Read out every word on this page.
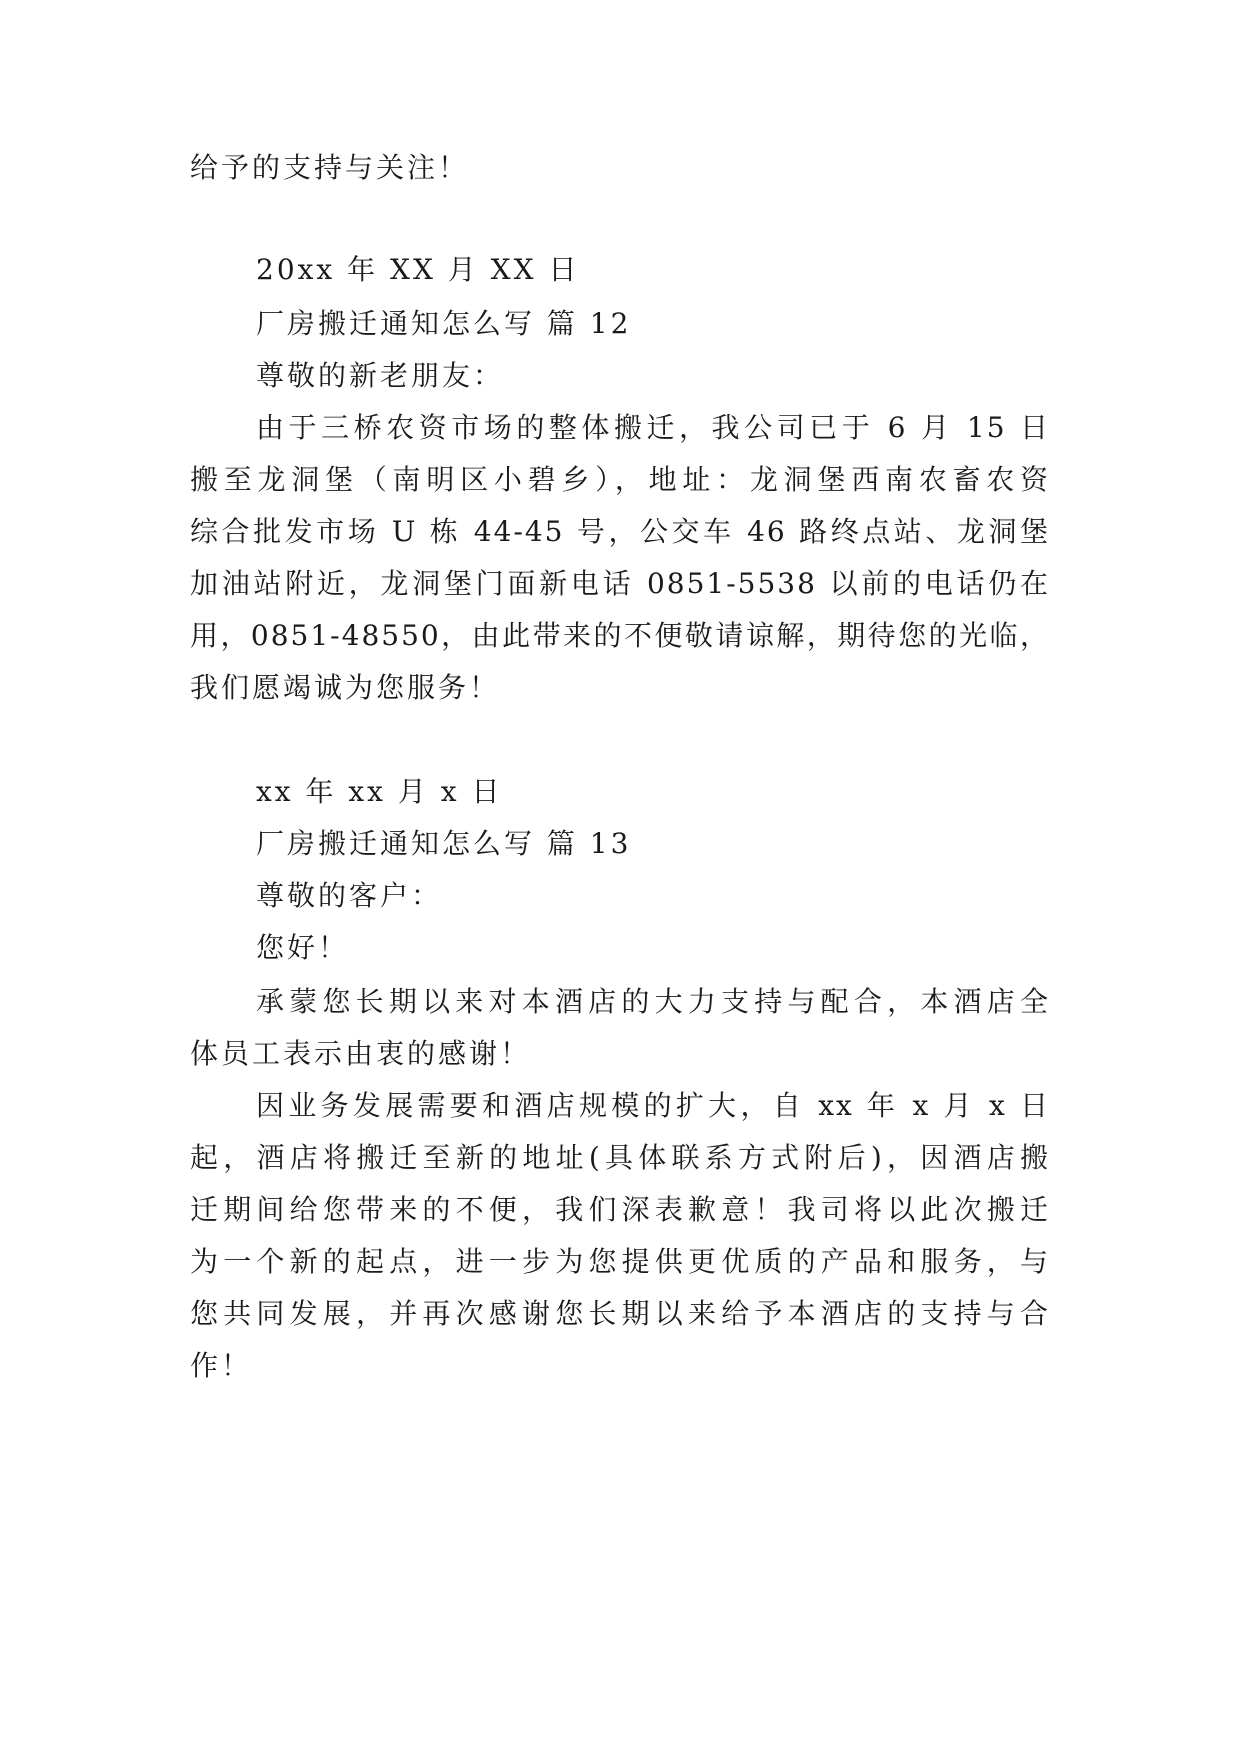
给予的支持与关注！
20xx 年 XX 月 XX 日
厂房搬迁通知怎么写 篇 12
尊敬的新老朋友：
由于三桥农资市场的整体搬迁，我公司已于 6 月 15 日
搬至龙洞堡（南明区小碧乡），地址：龙洞堡西南农畜农资
综合批发市场 U 栋 44-45 号，公交车 46 路终点站、龙洞堡
加油站附近，龙洞堡门面新电话 0851-5538 以前的电话仍在
用，0851-48550，由此带来的不便敬请谅解，期待您的光临，
我们愿竭诚为您服务！
xx 年 xx 月 x 日
厂房搬迁通知怎么写 篇 13
尊敬的客户：
您好！
承蒙您长期以来对本酒店的大力支持与配合，本酒店全
体员工表示由衷的感谢！
因业务发展需要和酒店规模的扩大，自 xx 年 x 月 x 日
起，酒店将搬迁至新的地址(具体联系方式附后)，因酒店搬
迁期间给您带来的不便，我们深表歉意！我司将以此次搬迁
为一个新的起点，进一步为您提供更优质的产品和服务，与
您共同发展，并再次感谢您长期以来给予本酒店的支持与合
作！
